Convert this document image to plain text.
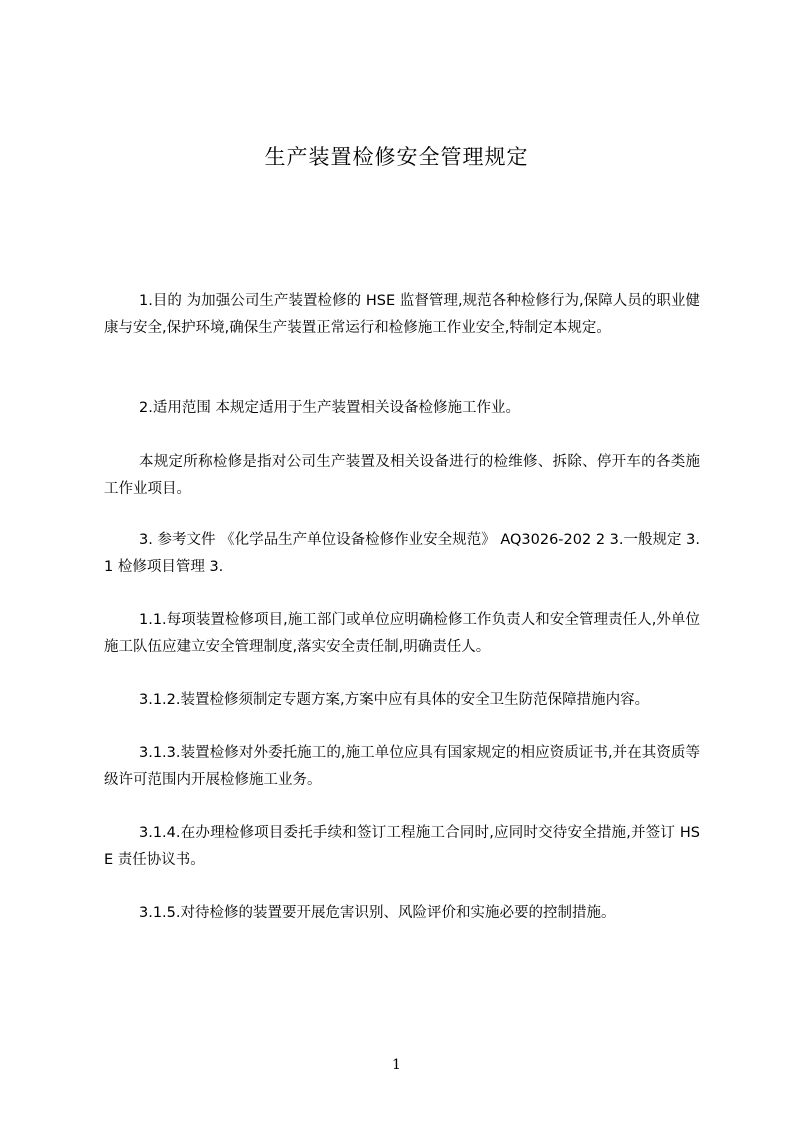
生产装置检修安全管理规定

1.目的 为加强公司生产装置检修的 HSE 监督管理,规范各种检修行为,保障人员的职业健康与安全,保护环境,确保生产装置正常运行和检修施工作业安全,特制定本规定。

2.适用范围 本规定适用于生产装置相关设备检修施工作业。

本规定所称检修是指对公司生产装置及相关设备进行的检维修、拆除、停开车的各类施工作业项目。

3. 参考文件 《化学品生产单位设备检修作业安全规范》 AQ3026-202 2 3.一般规定 3.1 检修项目管理 3.

1.1.每项装置检修项目,施工部门或单位应明确检修工作负责人和安全管理责任人,外单位施工队伍应建立安全管理制度,落实安全责任制,明确责任人。

3.1.2.装置检修须制定专题方案,方案中应有具体的安全卫生防范保障措施内容。

3.1.3.装置检修对外委托施工的,施工单位应具有国家规定的相应资质证书,并在其资质等级许可范围内开展检修施工业务。

3.1.4.在办理检修项目委托手续和签订工程施工合同时,应同时交待安全措施,并签订 HSE 责任协议书。

3.1.5.对待检修的装置要开展危害识别、风险评价和实施必要的控制措施。

1
